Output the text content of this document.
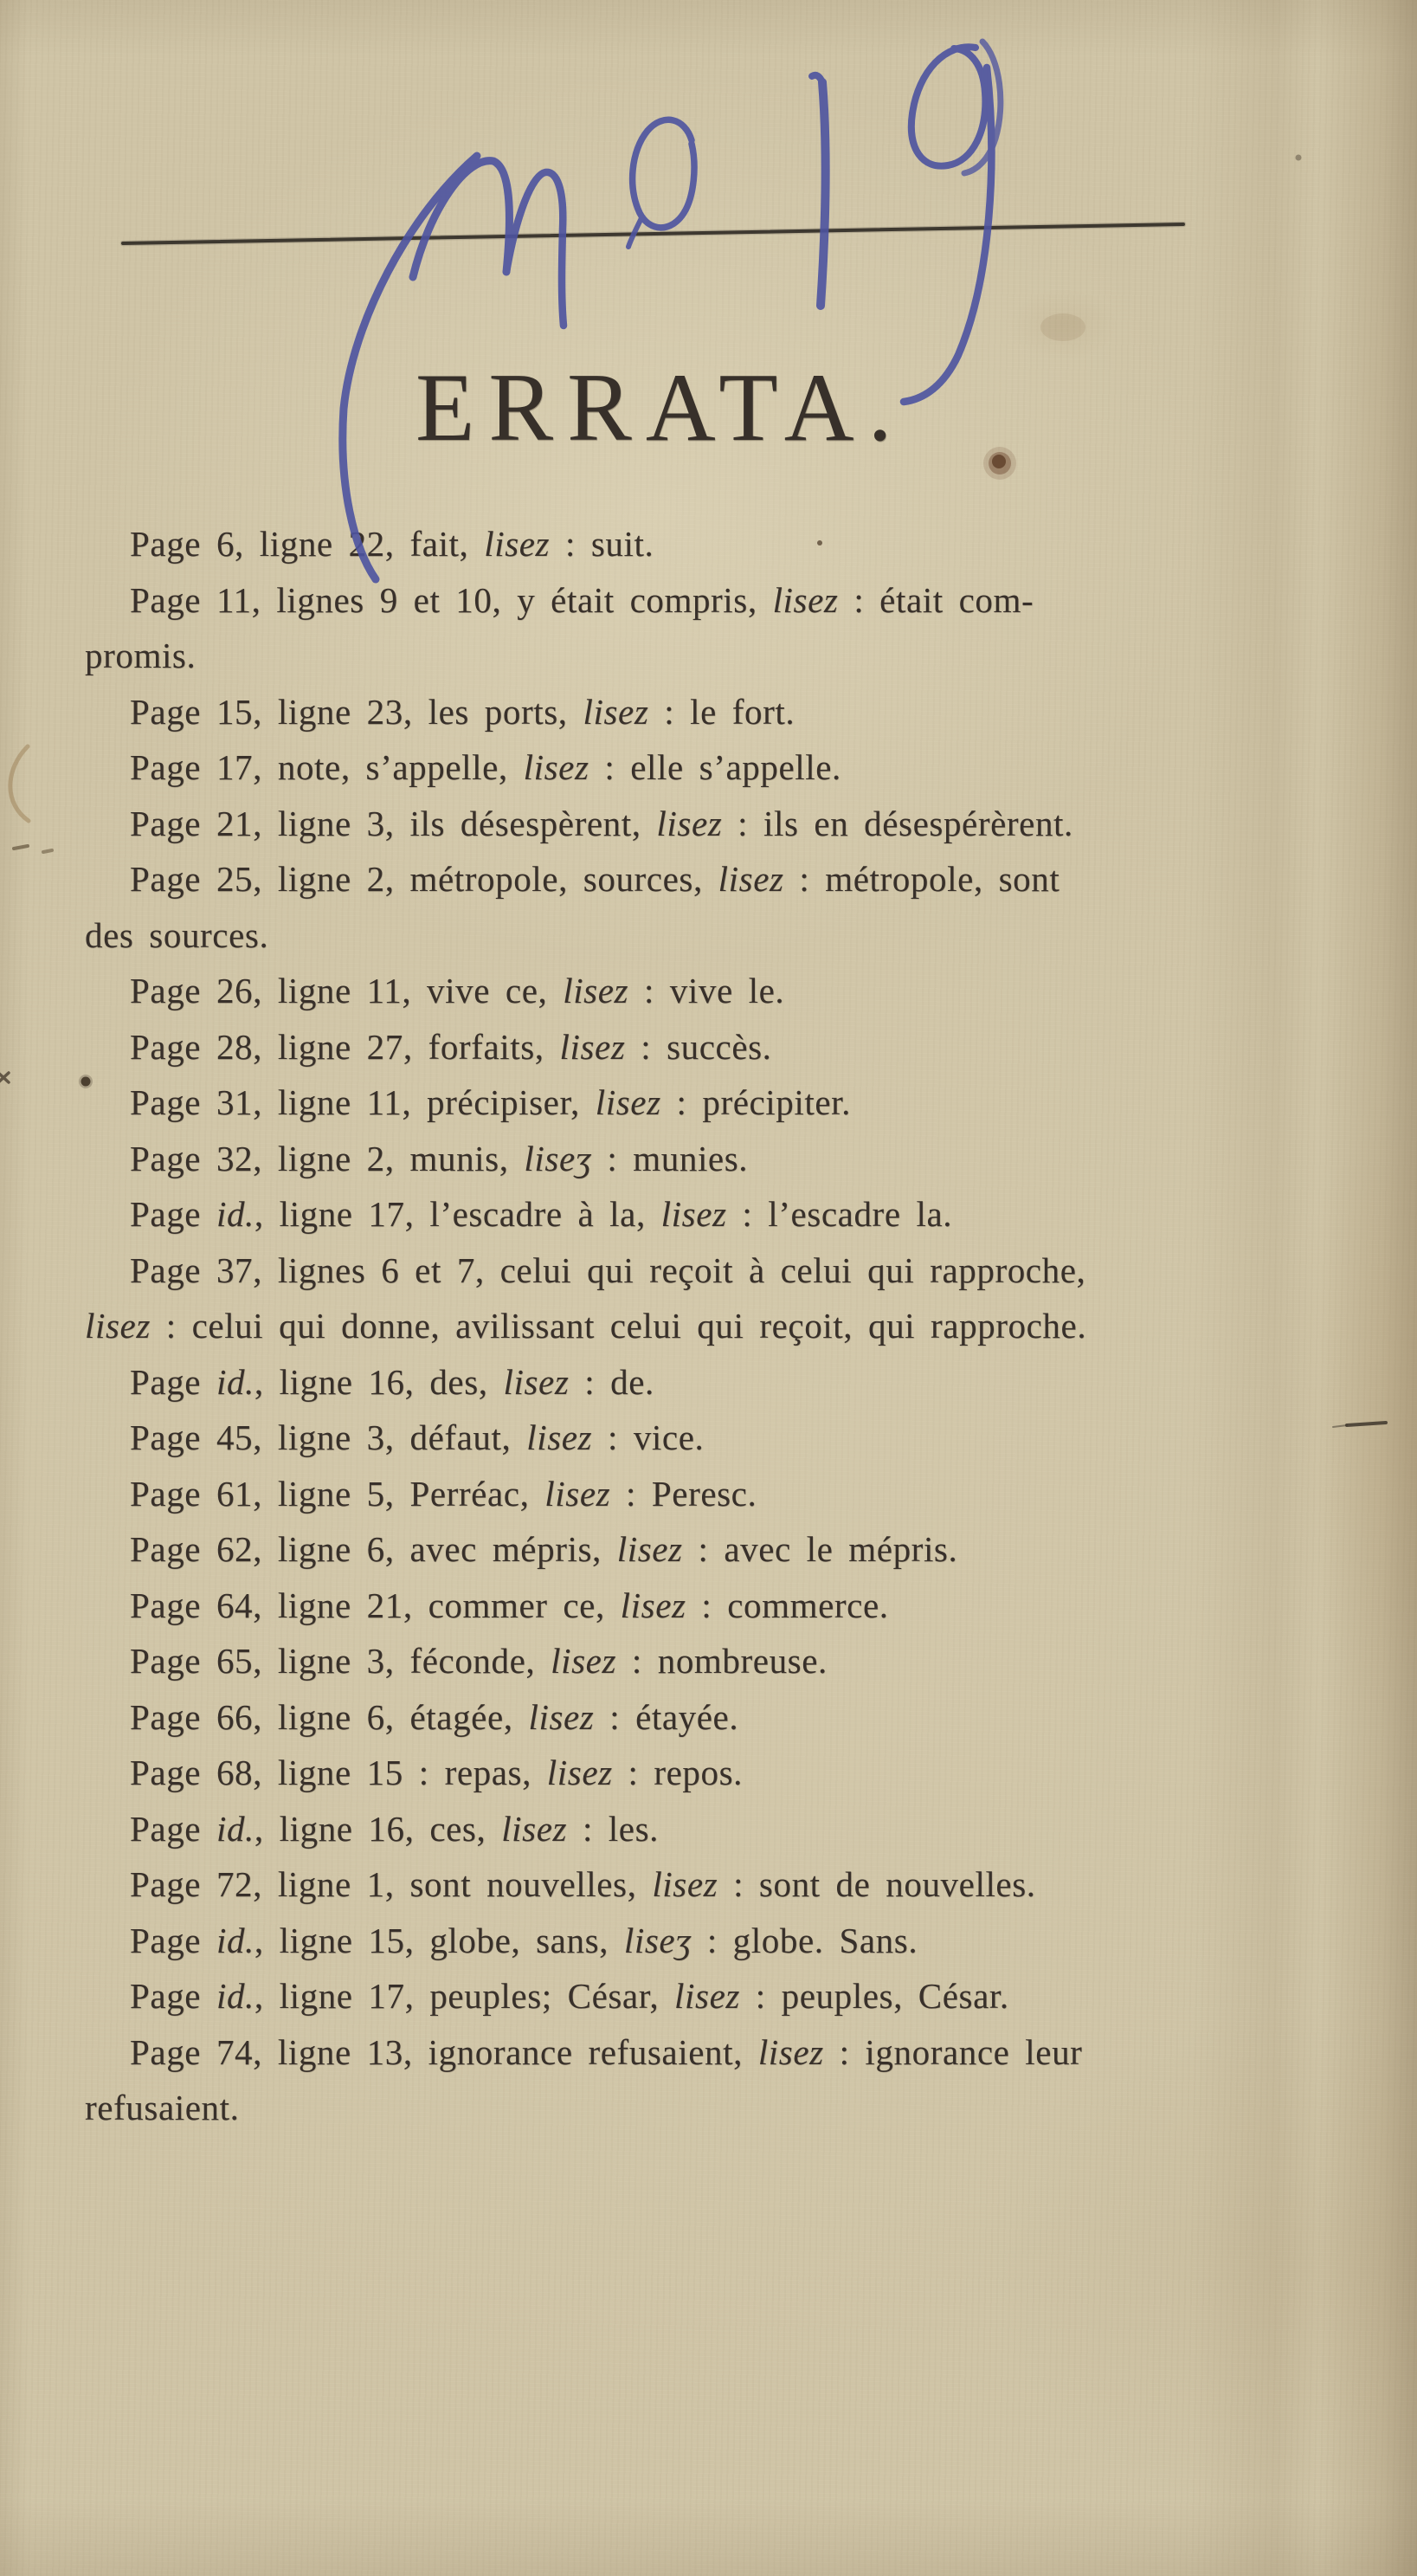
ERRATA.
Page 6, ligne 22, fait, lisez : suit.
Page 11, lignes 9 et 10, y était compris, lisez : était com-
promis.
Page 15, ligne 23, les ports, lisez : le fort.
Page 17, note, s’appelle, lisez : elle s’appelle.
Page 21, ligne 3, ils désespèrent, lisez : ils en désespérèrent.
Page 25, ligne 2, métropole, sources, lisez : métropole, sont
des sources.
Page 26, ligne 11, vive ce, lisez : vive le.
Page 28, ligne 27, forfaits, lisez : succès.
Page 31, ligne 11, précipiser, lisez : précipiter.
Page 32, ligne 2, munis, liseʒ : munies.
Page id., ligne 17, l’escadre à la, lisez : l’escadre la.
Page 37, lignes 6 et 7, celui qui reçoit à celui qui rapproche,
lisez : celui qui donne, avilissant celui qui reçoit, qui rapproche.
Page id., ligne 16, des, lisez : de.
Page 45, ligne 3, défaut, lisez : vice.
Page 61, ligne 5, Perréac, lisez : Peresc.
Page 62, ligne 6, avec mépris, lisez : avec le mépris.
Page 64, ligne 21, commer ce, lisez : commerce.
Page 65, ligne 3, féconde, lisez : nombreuse.
Page 66, ligne 6, étagée, lisez : étayée.
Page 68, ligne 15 : repas, lisez : repos.
Page id., ligne 16, ces, lisez : les.
Page 72, ligne 1, sont nouvelles, lisez : sont de nouvelles.
Page id., ligne 15, globe, sans, liseʒ : globe. Sans.
Page id., ligne 17, peuples; César, lisez : peuples, César.
Page 74, ligne 13, ignorance refusaient, lisez : ignorance leur
refusaient.
